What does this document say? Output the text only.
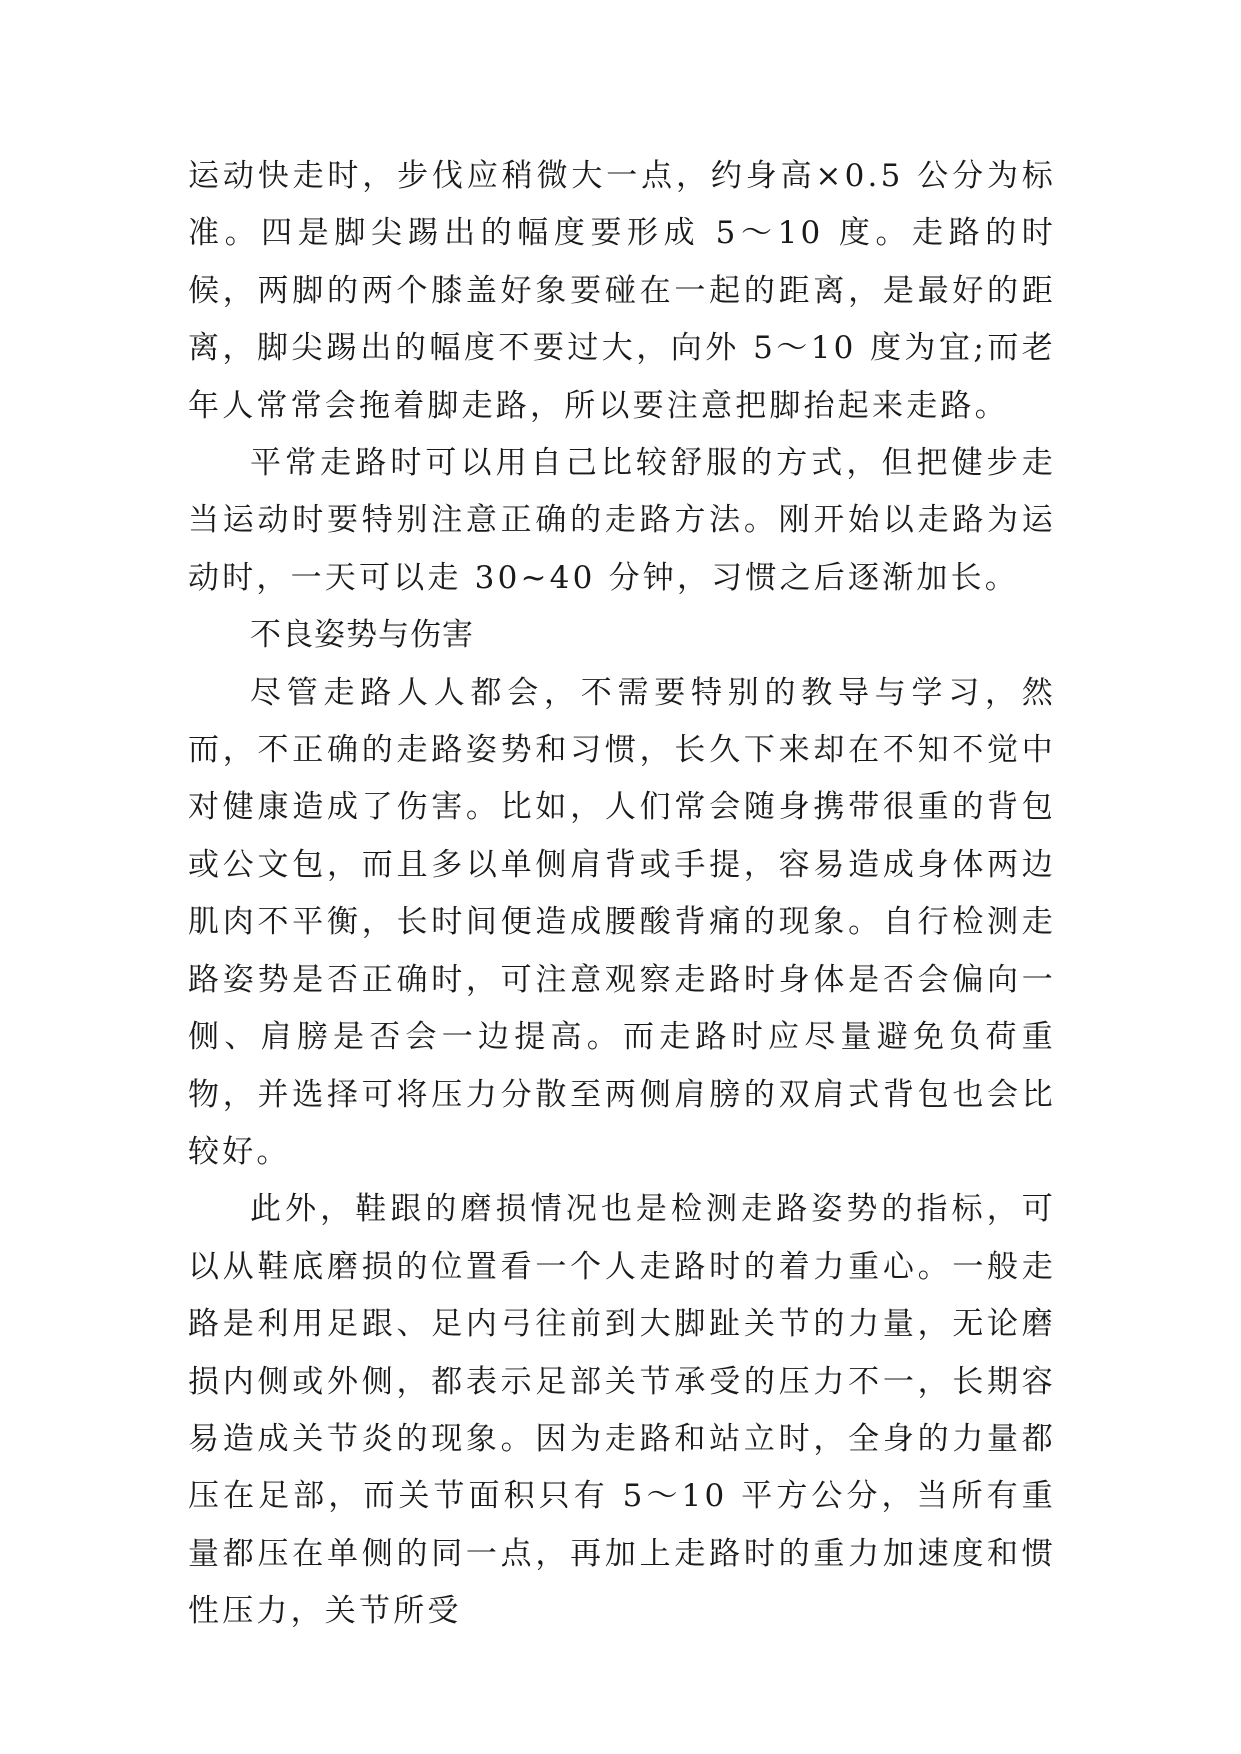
运动快走时，步伐应稍微大一点，约身高×0.5 公分为标准。四是脚尖踢出的幅度要形成 5～10 度。走路的时候，两脚的两个膝盖好象要碰在一起的距离，是最好的距离，脚尖踢出的幅度不要过大，向外 5～10 度为宜;而老年人常常会拖着脚走路，所以要注意把脚抬起来走路。

平常走路时可以用自己比较舒服的方式，但把健步走当运动时要特别注意正确的走路方法。刚开始以走路为运动时，一天可以走 30~40 分钟，习惯之后逐渐加长。

不良姿势与伤害

尽管走路人人都会，不需要特别的教导与学习，然而，不正确的走路姿势和习惯，长久下来却在不知不觉中对健康造成了伤害。比如，人们常会随身携带很重的背包或公文包，而且多以单侧肩背或手提，容易造成身体两边肌肉不平衡，长时间便造成腰酸背痛的现象。自行检测走路姿势是否正确时，可注意观察走路时身体是否会偏向一侧、肩膀是否会一边提高。而走路时应尽量避免负荷重物，并选择可将压力分散至两侧肩膀的双肩式背包也会比较好。

此外，鞋跟的磨损情况也是检测走路姿势的指标，可以从鞋底磨损的位置看一个人走路时的着力重心。一般走路是利用足跟、足内弓往前到大脚趾关节的力量，无论磨损内侧或外侧，都表示足部关节承受的压力不一，长期容易造成关节炎的现象。因为走路和站立时，全身的力量都压在足部，而关节面积只有 5～10 平方公分，当所有重量都压在单侧的同一点，再加上走路时的重力加速度和惯性压力，关节所受
